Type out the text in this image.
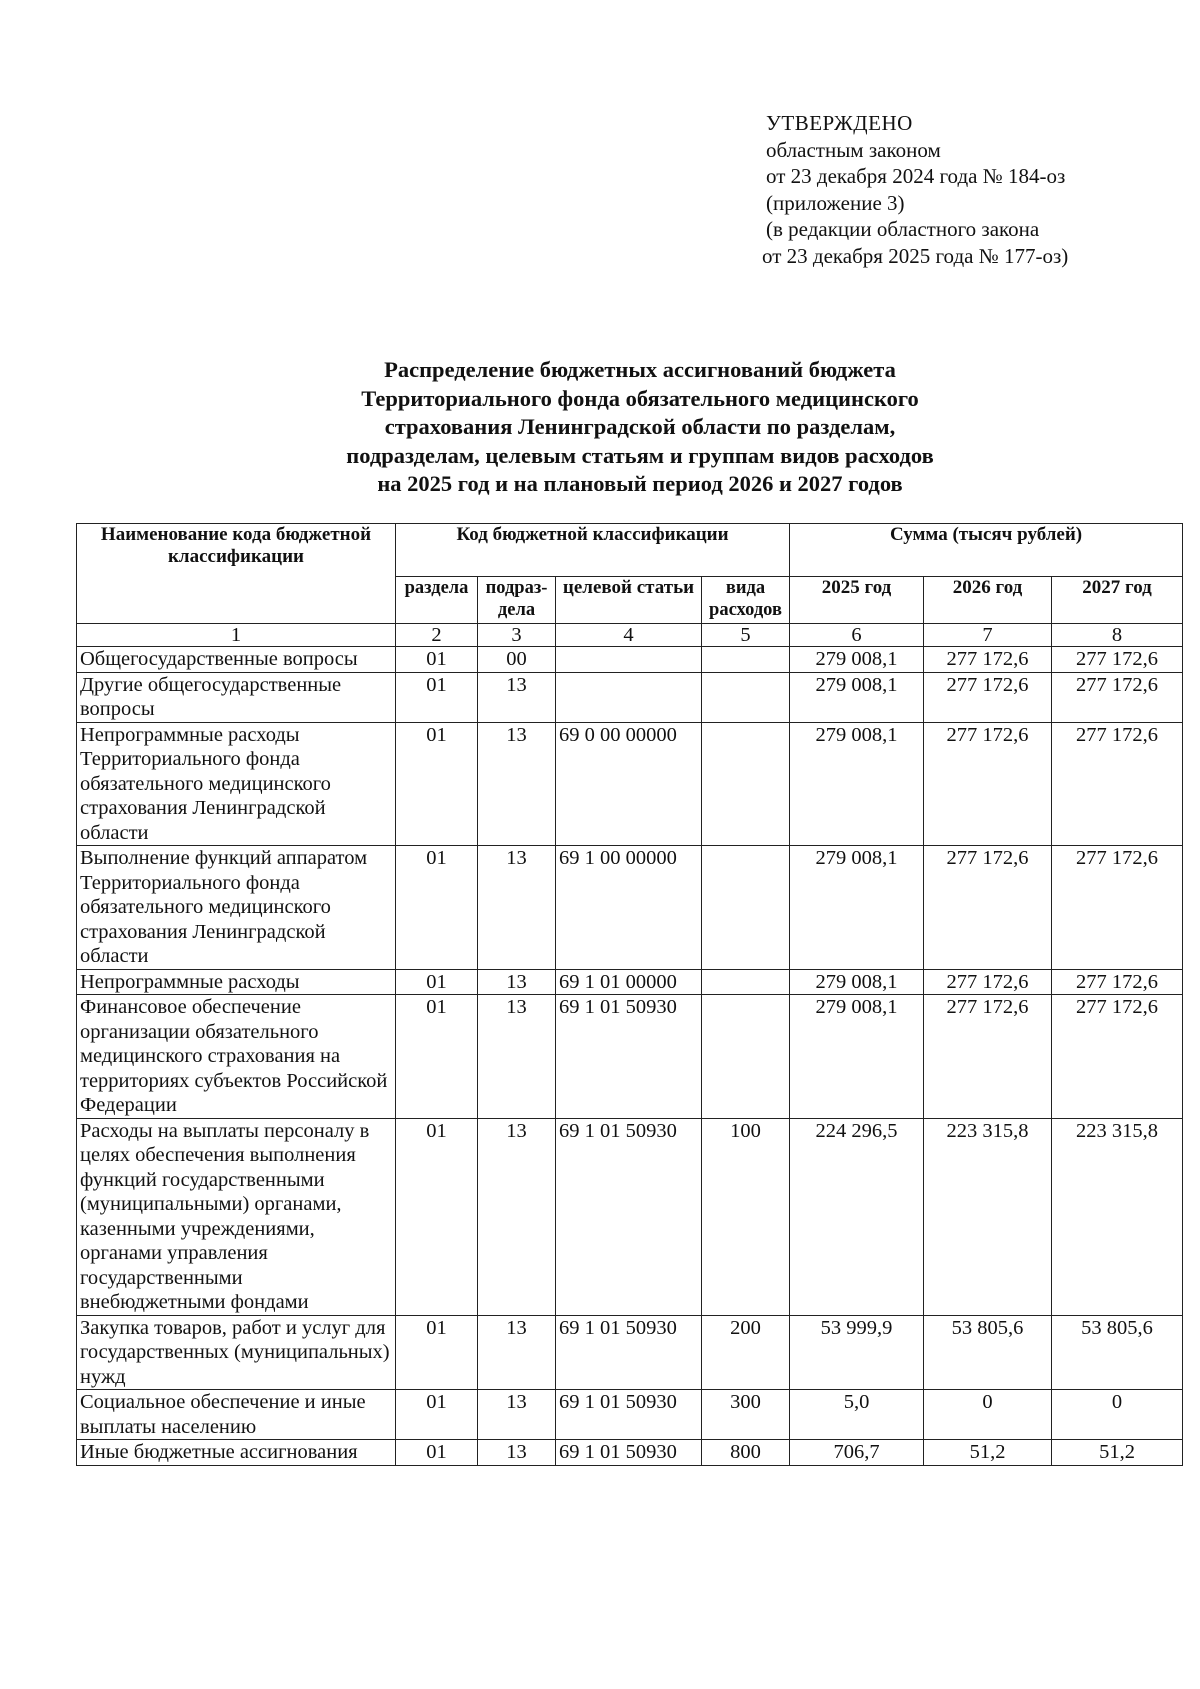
УТВЕРЖДЕНО
областным законом
от 23 декабря 2024 года № 184-оз
(приложение 3)
(в редакции областного закона
от 23 декабря 2025 года № 177-оз)
Распределение бюджетных ассигнований бюджета
Территориального фонда обязательного медицинского
страхования Ленинградской области по разделам,
подразделам, целевым статьям и группам видов расходов
на 2025 год и на плановый период 2026 и 2027 годов
Наименование кода бюджетной классификации	Код бюджетной классификации				Сумма (тысяч рублей)		
	раздела	подраз-дела	целевой статьи	вида расходов	2025 год	2026 год	2027 год
1	2	3	4	5	6	7	8
Общегосударственные вопросы	01	00			279 008,1	277 172,6	277 172,6
Другие общегосударственные вопросы	01	13			279 008,1	277 172,6	277 172,6
Непрограммные расходы Территориального фонда обязательного медицинского страхования Ленинградской области	01	13	69 0 00 00000		279 008,1	277 172,6	277 172,6
Выполнение функций аппаратом Территориального фонда обязательного медицинского страхования Ленинградской области	01	13	69 1 00 00000		279 008,1	277 172,6	277 172,6
Непрограммные расходы	01	13	69 1 01 00000		279 008,1	277 172,6	277 172,6
Финансовое обеспечение организации обязательного медицинского страхования на территориях субъектов Российской Федерации	01	13	69 1 01 50930		279 008,1	277 172,6	277 172,6
Расходы на выплаты персоналу в целях обеспечения выполнения функций государственными (муниципальными) органами, казенными учреждениями, органами управления государственными внебюджетными фондами	01	13	69 1 01 50930	100	224 296,5	223 315,8	223 315,8
Закупка товаров, работ и услуг для государственных (муниципальных) нужд	01	13	69 1 01 50930	200	53 999,9	53 805,6	53 805,6
Социальное обеспечение и иные выплаты населению	01	13	69 1 01 50930	300	5,0	0	0
Иные бюджетные ассигнования	01	13	69 1 01 50930	800	706,7	51,2	51,2
